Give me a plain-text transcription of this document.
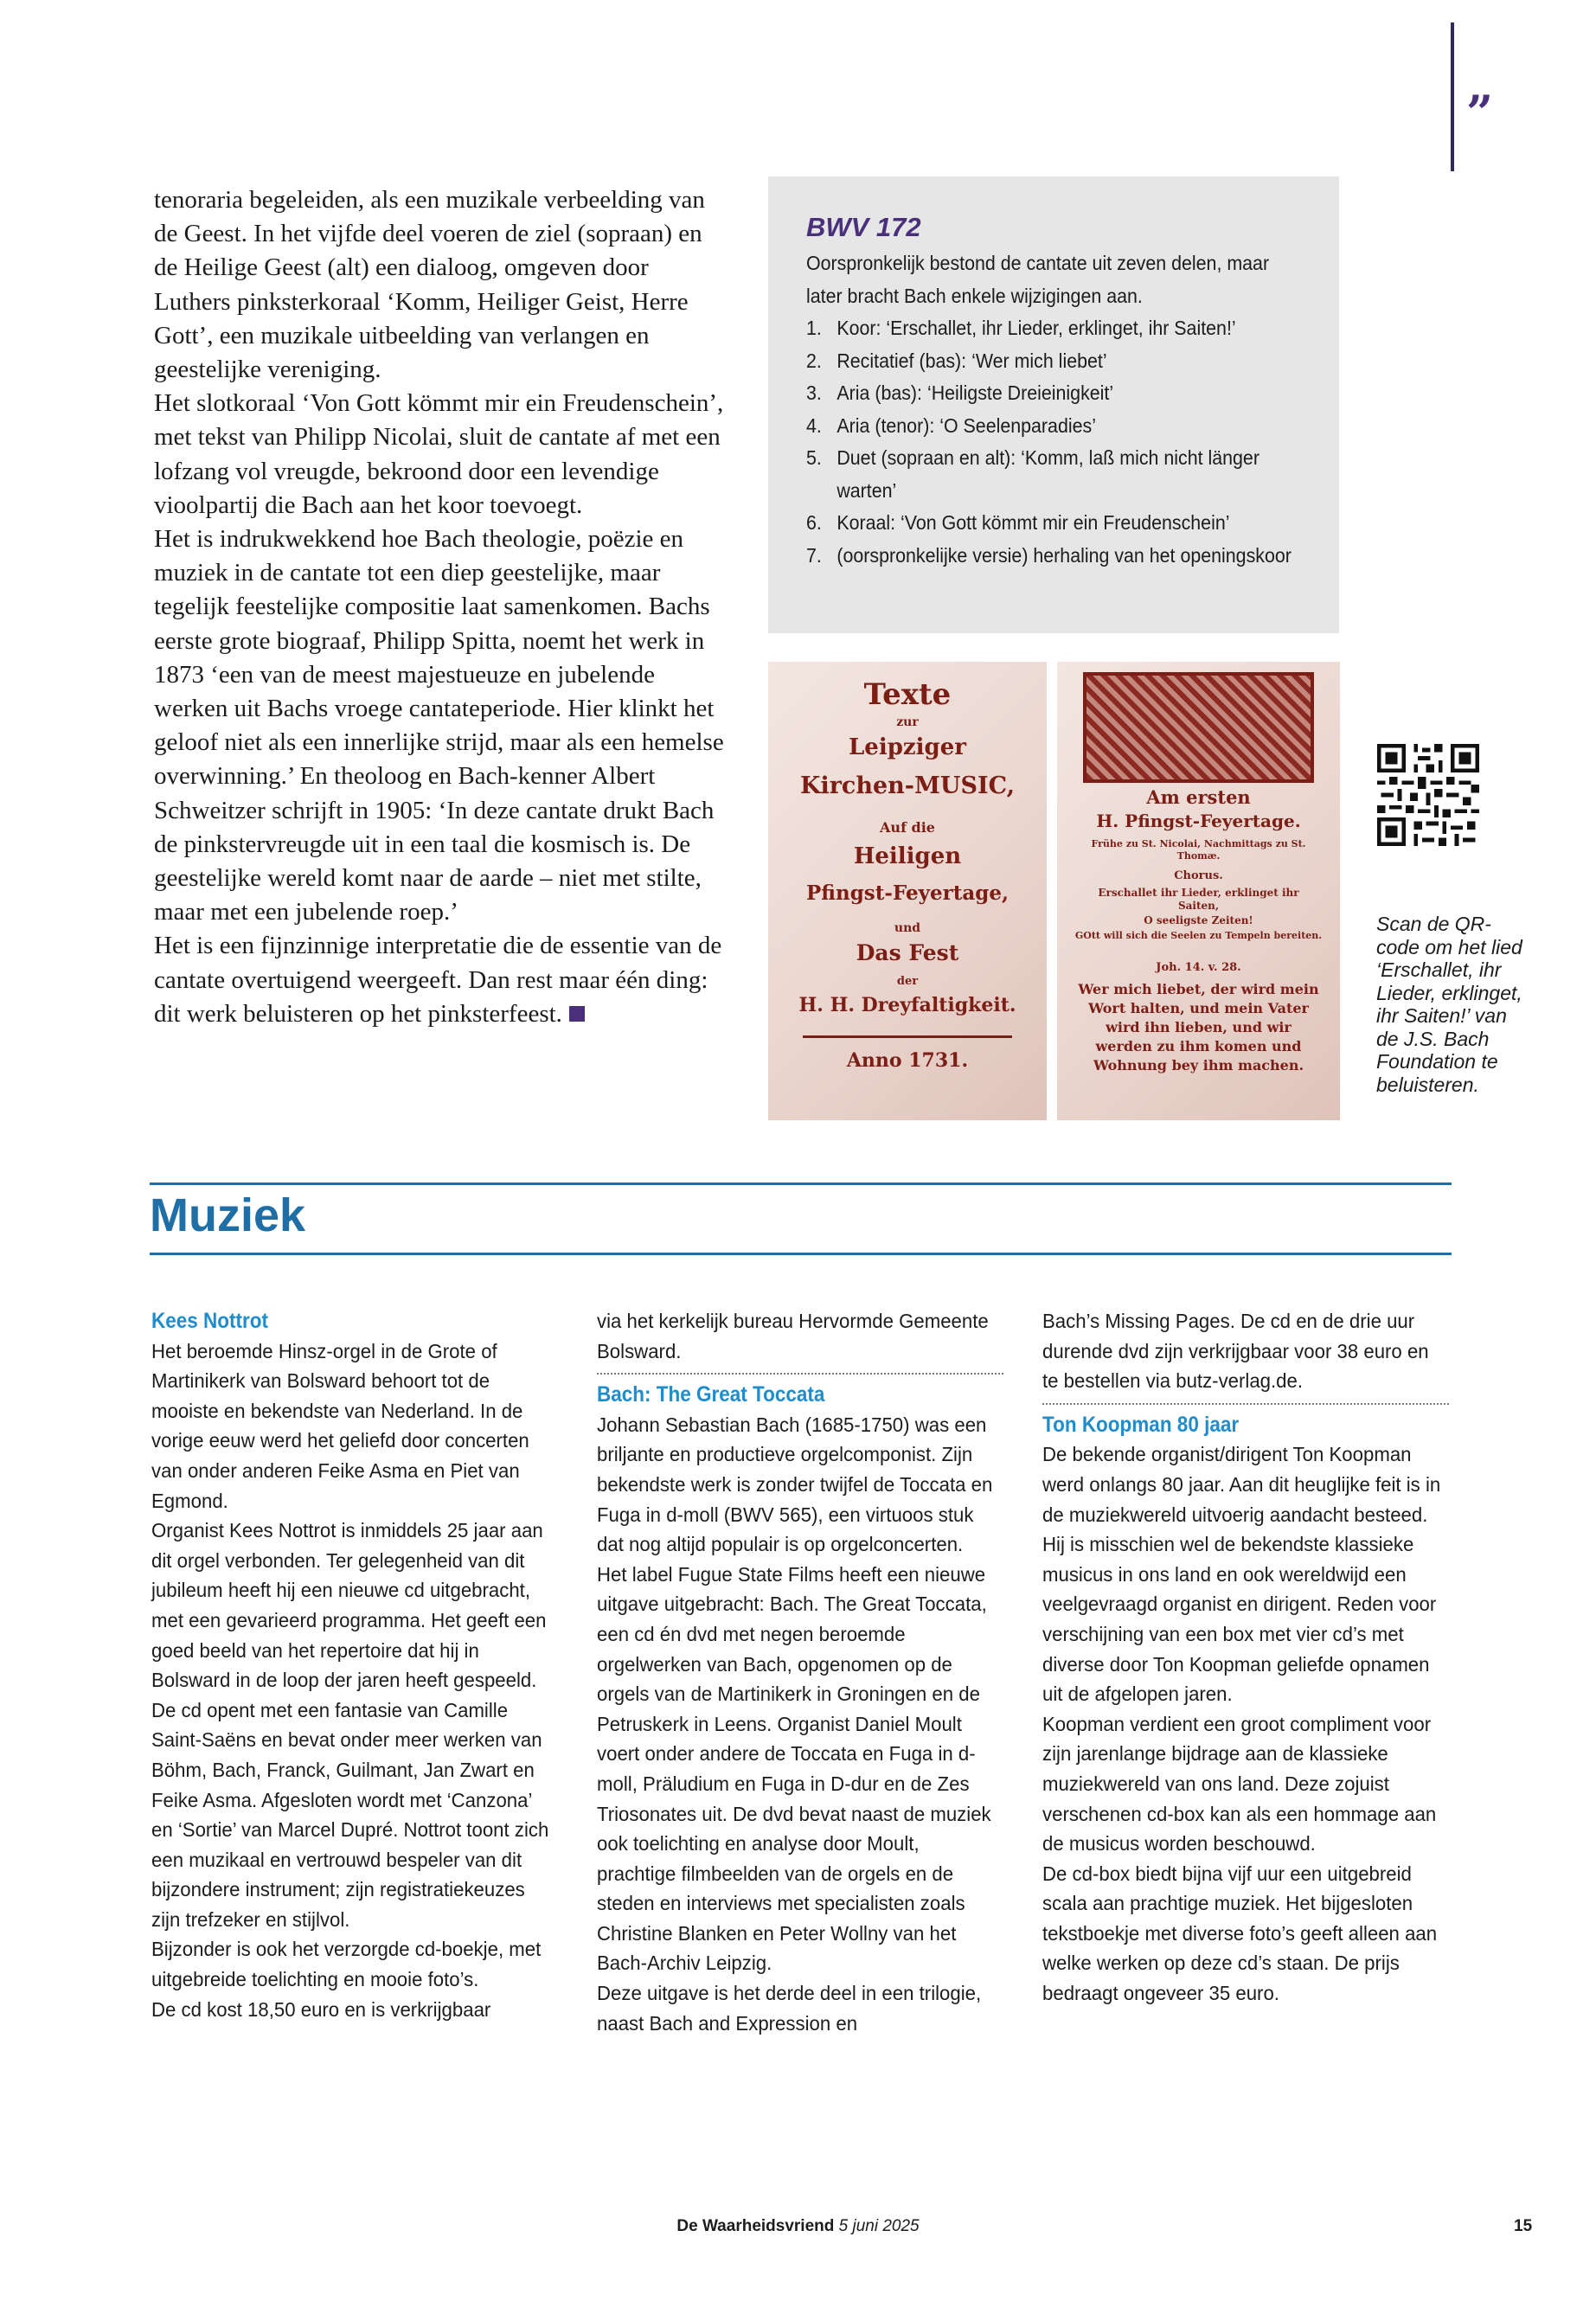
”

tenoraria begeleiden, als een muzikale verbeelding van de Geest. In het vijfde deel voeren de ziel (sopraan) en de Heilige Geest (alt) een dialoog, omgeven door Luthers pinksterkoraal ‘Komm, Heiliger Geist, Herre Gott’, een muzikale uitbeelding van verlangen en geestelijke vereniging.

Het slotkoraal ‘Von Gott kömmt mir ein Freudenschein’, met tekst van Philipp Nicolai, sluit de cantate af met een lofzang vol vreugde, bekroond door een levendige vioolpartij die Bach aan het koor toevoegt.

Het is indrukwekkend hoe Bach theologie, poëzie en muziek in de cantate tot een diep geestelijke, maar tegelijk feestelijke compositie laat samenkomen. Bachs eerste grote biograaf, Philipp Spitta, noemt het werk in 1873 ‘een van de meest majestueuze en jubelende werken uit Bachs vroege cantateperiode. Hier klinkt het geloof niet als een innerlijke strijd, maar als een hemelse overwinning.’ En theoloog en Bach-kenner Albert Schweitzer schrijft in 1905: ‘In deze cantate drukt Bach de pinkstervreugde uit in een taal die kosmisch is. De geestelijke wereld komt naar de aarde – niet met stilte, maar met een jubelende roep.’

Het is een fijnzinnige interpretatie die de essentie van de cantate overtuigend weergeeft. Dan rest maar één ding: dit werk beluisteren op het pinksterfeest.

BWV 172
Oorspronkelijk bestond de cantate uit zeven delen, maar later bracht Bach enkele wijzigingen aan.
1. Koor: ‘Erschallet, ihr Lieder, erklinget, ihr Saiten!’
2. Recitatief (bas): ‘Wer mich liebet’
3. Aria (bas): ‘Heiligste Dreieinigkeit’
4. Aria (tenor): ‘O Seelenparadies’
5. Duet (sopraan en alt): ‘Komm, laß mich nicht länger warten’
6. Koraal: ‘Von Gott kömmt mir ein Freudenschein’
7. (oorspronkelijke versie) herhaling van het openingskoor
Texte
zur
Leipziger
Kirchen-MUSIC,
Auf die
Heiligen
Pfingst-Feyertage,
und
Das Fest
der
H. H. Dreyfaltigkeit.
Anno 1731.
Am ersten
H. Pfingst-Feyertage.
Frühe zu St. Nicolai, Nachmittags zu St. Thomæ.
Chorus.
Erschallet ihr Lieder, erklinget ihr Saiten,
O seeligste Zeiten!
GOtt will sich die Seelen zu Tempeln bereiten.
Joh. 14. v. 28.
Wer mich liebet, der wird mein Wort halten, und mein Vater wird ihn lieben, und wir werden zu ihm komen und Wohnung bey ihm machen.
Scan de QR-code om het lied ‘Erschallet, ihr Lieder, erklinget, ihr Saiten!’ van de J.S. Bach Foundation te beluisteren.
Muziek
Kees Nottrot

Het beroemde Hinsz-orgel in de Grote of Martinikerk van Bolsward behoort tot de mooiste en bekendste van Nederland. In de vorige eeuw werd het geliefd door concerten van onder anderen Feike Asma en Piet van Egmond.

Organist Kees Nottrot is inmiddels 25 jaar aan dit orgel verbonden. Ter gelegenheid van dit jubileum heeft hij een nieuwe cd uitgebracht, met een gevarieerd programma. Het geeft een goed beeld van het repertoire dat hij in Bolsward in de loop der jaren heeft gespeeld.

De cd opent met een fantasie van Camille Saint-Saëns en bevat onder meer werken van Böhm, Bach, Franck, Guilmant, Jan Zwart en Feike Asma. Afgesloten wordt met ‘Canzona’ en ‘Sortie’ van Marcel Dupré. Nottrot toont zich een muzikaal en vertrouwd bespeler van dit bijzondere instrument; zijn registratiekeuzes zijn trefzeker en stijlvol.

Bijzonder is ook het verzorgde cd-boekje, met uitgebreide toelichting en mooie foto’s.

De cd kost 18,50 euro en is verkrijgbaar

via het kerkelijk bureau Hervormde Gemeente Bolsward.

Bach: The Great Toccata

Johann Sebastian Bach (1685-1750) was een briljante en productieve orgelcomponist. Zijn bekendste werk is zonder twijfel de Toccata en Fuga in d-moll (BWV 565), een virtuoos stuk dat nog altijd populair is op orgelconcerten.

Het label Fugue State Films heeft een nieuwe uitgave uitgebracht: Bach. The Great Toccata, een cd én dvd met negen beroemde orgelwerken van Bach, opgenomen op de orgels van de Martinikerk in Groningen en de Petruskerk in Leens. Organist Daniel Moult voert onder andere de Toccata en Fuga in d-moll, Präludium en Fuga in D-dur en de Zes Triosonates uit. De dvd bevat naast de muziek ook toelichting en analyse door Moult, prachtige filmbeelden van de orgels en de steden en interviews met specialisten zoals Christine Blanken en Peter Wollny van het Bach-Archiv Leipzig.

Deze uitgave is het derde deel in een trilogie, naast Bach and Expression en

Bach’s Missing Pages. De cd en de drie uur durende dvd zijn verkrijgbaar voor 38 euro en te bestellen via butz-verlag.de.

Ton Koopman 80 jaar

De bekende organist/dirigent Ton Koopman werd onlangs 80 jaar. Aan dit heuglijke feit is in de muziekwereld uitvoerig aandacht besteed. Hij is misschien wel de bekendste klassieke musicus in ons land en ook wereldwijd een veelgevraagd organist en dirigent. Reden voor verschijning van een box met vier cd’s met diverse door Ton Koopman geliefde opnamen uit de afgelopen jaren.

Koopman verdient een groot compliment voor zijn jarenlange bijdrage aan de klassieke muziekwereld van ons land. Deze zojuist verschenen cd-box kan als een hommage aan de musicus worden beschouwd.

De cd-box biedt bijna vijf uur een uitgebreid scala aan prachtige muziek. Het bijgesloten tekstboekje met diverse foto’s geeft alleen aan welke werken op deze cd’s staan. De prijs bedraagt ongeveer 35 euro.

De Waarheidsvriend 5 juni 2025	15
